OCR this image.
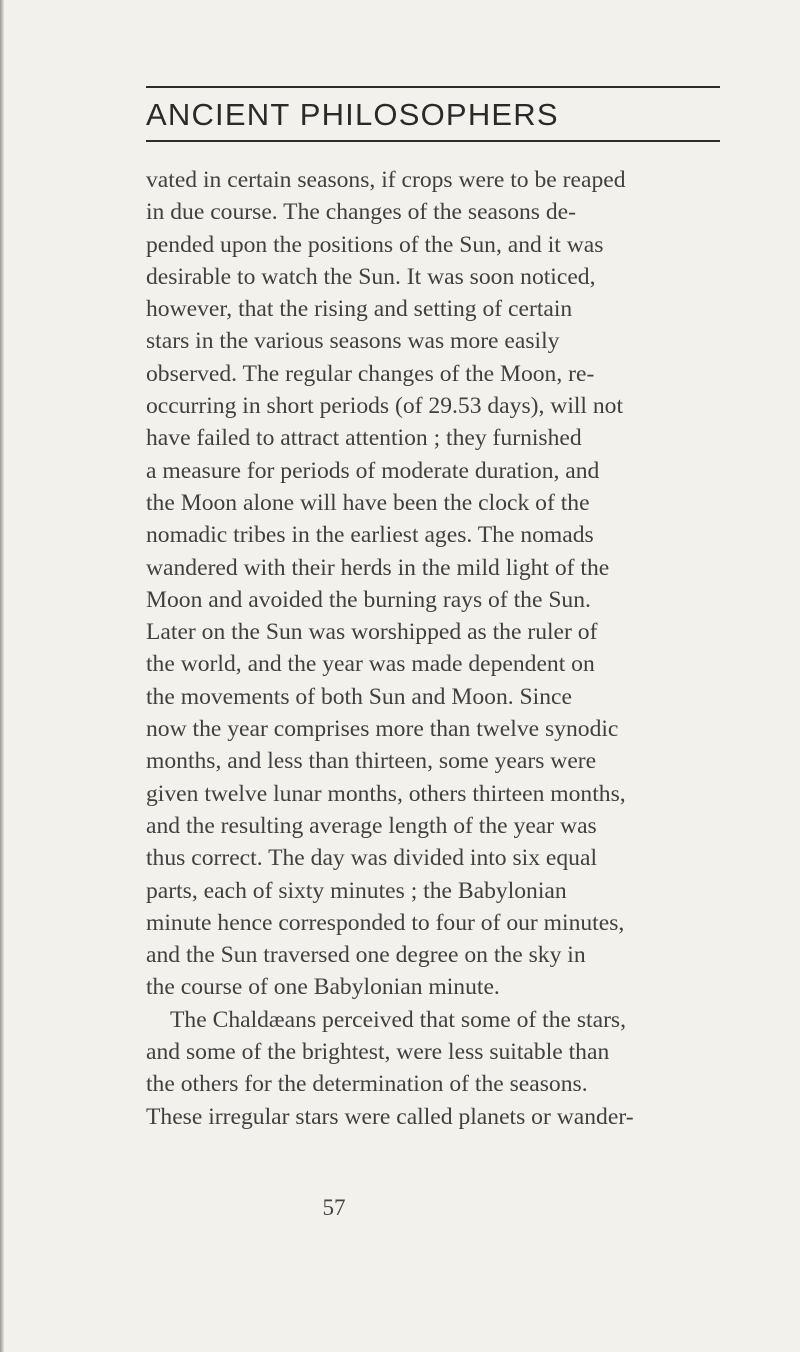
ANCIENT PHILOSOPHERS
vated in certain seasons, if crops were to be reaped
in due course. The changes of the seasons de-
pended upon the positions of the Sun, and it was
desirable to watch the Sun. It was soon noticed,
however, that the rising and setting of certain
stars in the various seasons was more easily
observed. The regular changes of the Moon, re-
occurring in short periods (of 29.53 days), will not
have failed to attract attention ; they furnished
a measure for periods of moderate duration, and
the Moon alone will have been the clock of the
nomadic tribes in the earliest ages. The nomads
wandered with their herds in the mild light of the
Moon and avoided the burning rays of the Sun.
Later on the Sun was worshipped as the ruler of
the world, and the year was made dependent on
the movements of both Sun and Moon. Since
now the year comprises more than twelve synodic
months, and less than thirteen, some years were
given twelve lunar months, others thirteen months,
and the resulting average length of the year was
thus correct. The day was divided into six equal
parts, each of sixty minutes ; the Babylonian
minute hence corresponded to four of our minutes,
and the Sun traversed one degree on the sky in
the course of one Babylonian minute.
The Chaldæans perceived that some of the stars,
and some of the brightest, were less suitable than
the others for the determination of the seasons.
These irregular stars were called planets or wander-
57
